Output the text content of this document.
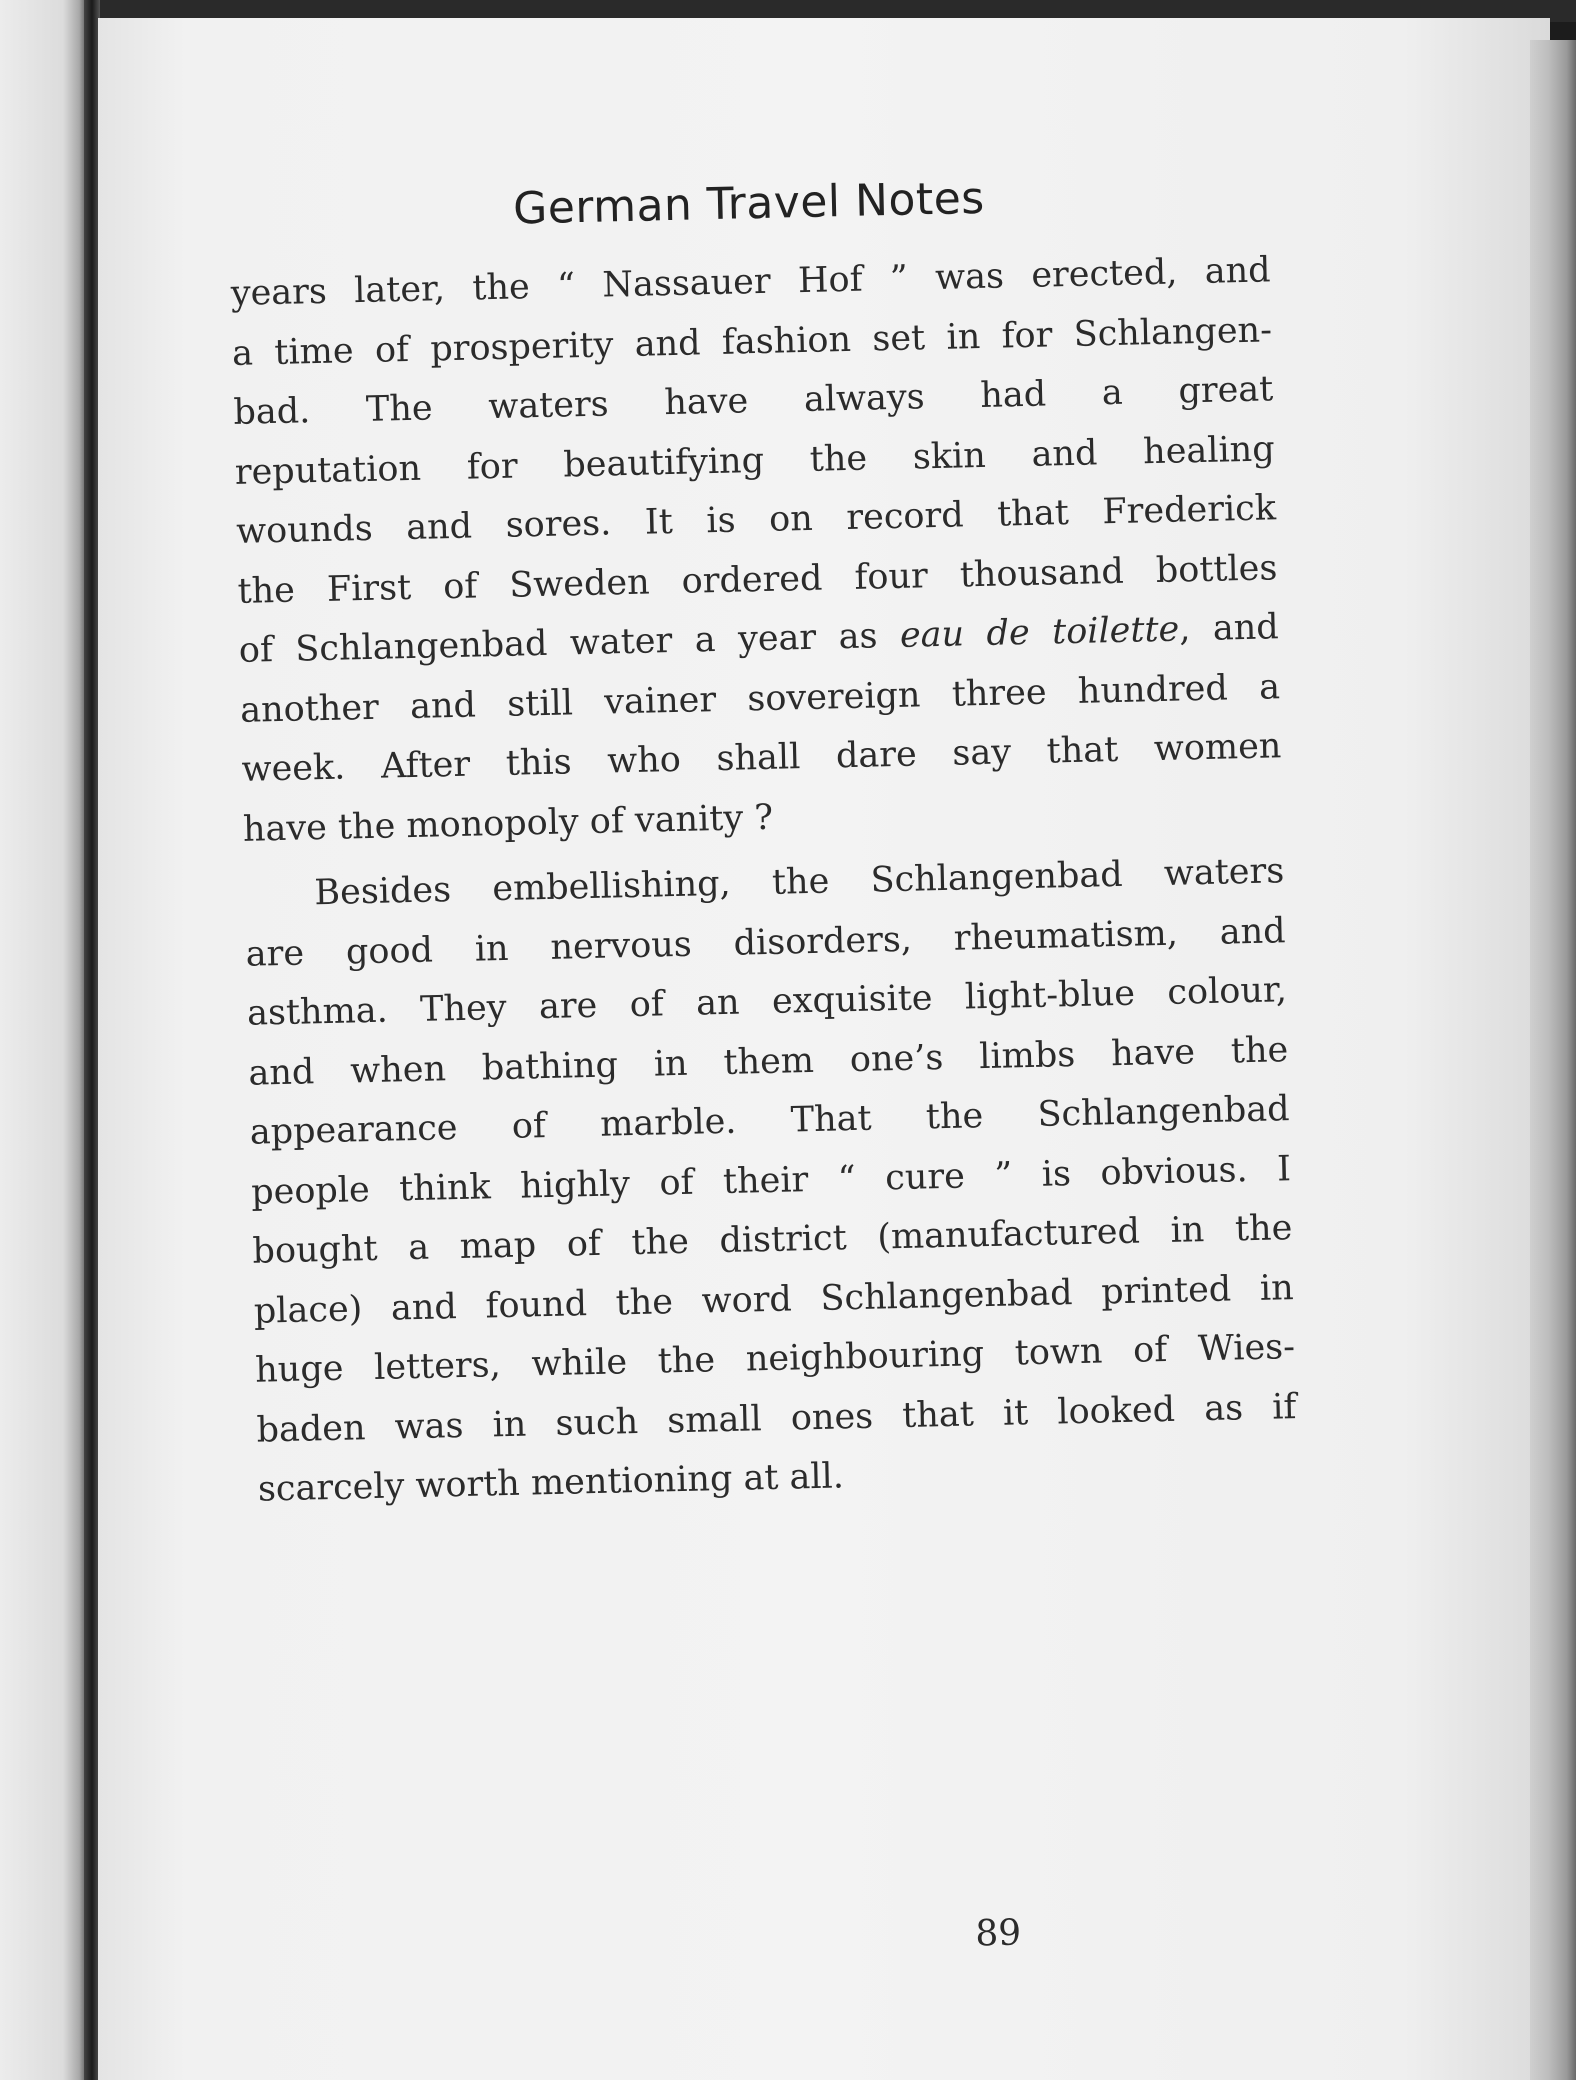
German Travel Notes
years later, the “ Nassauer Hof ” was erected, and
a time of prosperity and fashion set in for Schlangen-
bad. The waters have always had a great
reputation for beautifying the skin and healing
wounds and sores. It is on record that Frederick
the First of Sweden ordered four thousand bottles
of Schlangenbad water a year as eau de toilette, and
another and still vainer sovereign three hundred a
week. After this who shall dare say that women
have the monopoly of vanity ?
Besides embellishing, the Schlangenbad waters
are good in nervous disorders, rheumatism, and
asthma. They are of an exquisite light-blue colour,
and when bathing in them one’s limbs have the
appearance of marble. That the Schlangenbad
people think highly of their “ cure ” is obvious. I
bought a map of the district (manufactured in the
place) and found the word Schlangenbad printed in
huge letters, while the neighbouring town of Wies-
baden was in such small ones that it looked as if
scarcely worth mentioning at all.
89
